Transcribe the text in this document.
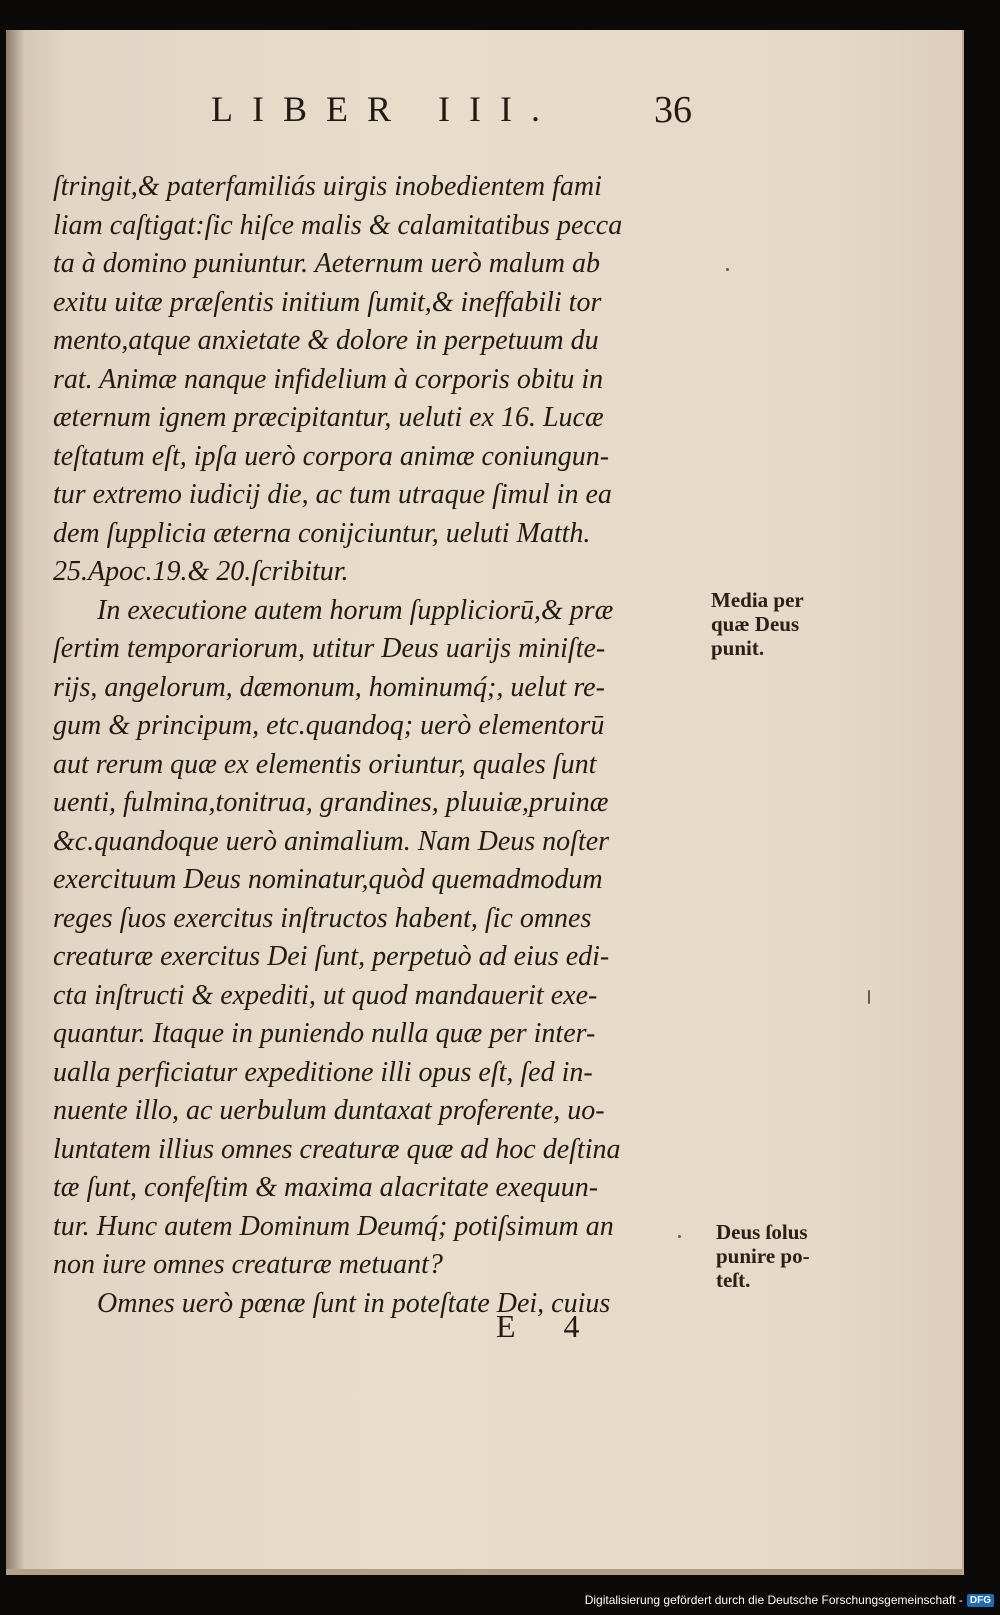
LIBER III.	36
ſtringit,& paterfamiliás uirgis inobedientem fami
liam caſtigat:ſic hiſce malis & calamitatibus pecca
ta à domino puniuntur. Aeternum uerò malum ab
exitu uitæ præſentis initium ſumit,& ineffabili tor
mento,atque anxietate & dolore in perpetuum du
rat. Animæ nanque infidelium à corporis obitu in
æternum ignem præcipitantur, ueluti ex 16. Lucæ
teſtatum eſt, ipſa uerò corpora animæ coniungun-
tur extremo iudicij die, ac tum utraque ſimul in ea
dem ſupplicia æterna conijciuntur, ueluti Matth.
25.Apoc.19.& 20.ſcribitur.
In executione autem horum ſuppliciorū,& præ
ſertim temporariorum, utitur Deus uarijs miniſte-
rijs, angelorum, dæmonum, hominumq́;, uelut re-
gum & principum, etc.quandoq; uerò elementorū
aut rerum quæ ex elementis oriuntur, quales ſunt
uenti, fulmina,tonitrua, grandines, pluuiæ,pruinæ
&c.quandoque uerò animalium. Nam Deus noſter
exercituum Deus nominatur,quòd quemadmodum
reges ſuos exercitus inſtructos habent, ſic omnes
creaturæ exercitus Dei ſunt, perpetuò ad eius edi-
cta inſtructi & expediti, ut quod mandauerit exe-
quantur. Itaque in puniendo nulla quæ per inter-
ualla perficiatur expeditione illi opus eſt, ſed in-
nuente illo, ac uerbulum duntaxat proferente, uo-
luntatem illius omnes creaturæ quæ ad hoc deſtina
tæ ſunt, confeſtim & maxima alacritate exequun-
tur. Hunc autem Dominum Deumq́; potiſsimum an
non iure omnes creaturæ metuant?
Omnes uerò pœnæ ſunt in poteſtate Dei, cuius
Media per
quæ Deus
punit.
Deus ſolus
punire po-
teſt.
E 4
Digitalisierung gefördert durch die Deutsche Forschungsgemeinschaft - DFG
